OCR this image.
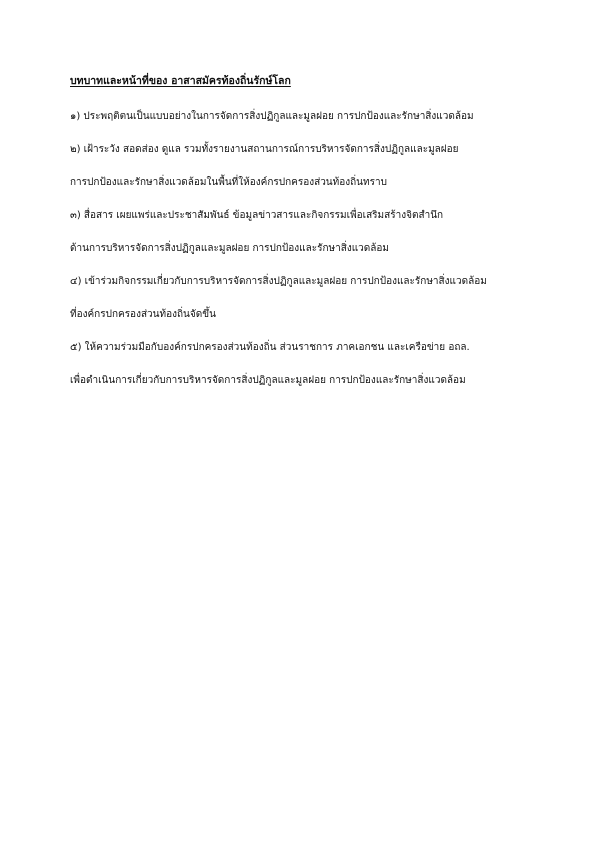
บทบาทและหน้าที่ของ อาสาสมัครท้องถิ่นรักษ์โลก

๑) ประพฤติตนเป็นแบบอย่างในการจัดการสิ่งปฏิกูลและมูลฝอย การปกป้องและรักษาสิ่งแวดล้อม

๒) เฝ้าระวัง สอดส่อง ดูแล รวมทั้งรายงานสถานการณ์การบริหารจัดการสิ่งปฏิกูลและมูลฝอย

การปกป้องและรักษาสิ่งแวดล้อมในพื้นที่ให้องค์กรปกครองส่วนท้องถิ่นทราบ

๓) สื่อสาร เผยแพร่และประชาสัมพันธ์ ข้อมูลข่าวสารและกิจกรรมเพื่อเสริมสร้างจิตสำนึก

ด้านการบริหารจัดการสิ่งปฏิกูลและมูลฝอย การปกป้องและรักษาสิ่งแวดล้อม

๔) เข้าร่วมกิจกรรมเกี่ยวกับการบริหารจัดการสิ่งปฏิกูลและมูลฝอย การปกป้องและรักษาสิ่งแวดล้อม

ที่องค์กรปกครองส่วนท้องถิ่นจัดขึ้น

๕) ให้ความร่วมมือกับองค์กรปกครองส่วนท้องถิ่น ส่วนราชการ ภาคเอกชน และเครือข่าย อถล.

เพื่อดำเนินการเกี่ยวกับการบริหารจัดการสิ่งปฏิกูลและมูลฝอย การปกป้องและรักษาสิ่งแวดล้อม
